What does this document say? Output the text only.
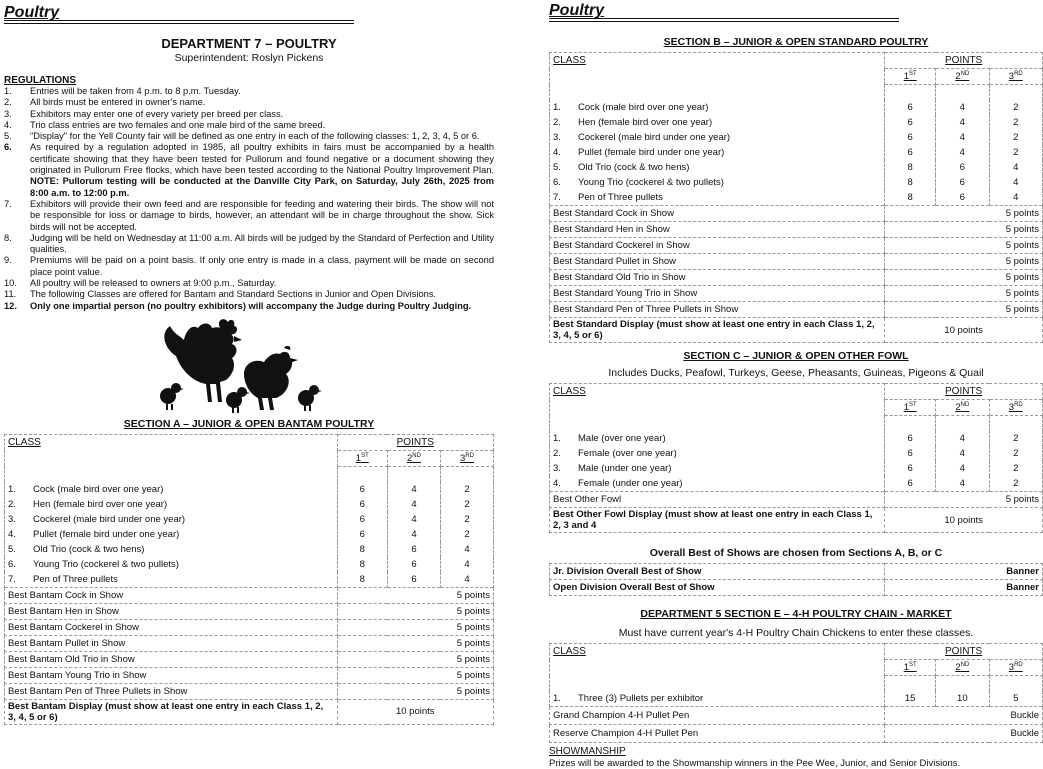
Poultry
DEPARTMENT 7 – POULTRY
Superintendent: Roslyn Pickens
REGULATIONS
1.	Entries will be taken from 4 p.m. to 8 p.m. Tuesday.
2.	All birds must be entered in owner's name.
3.	Exhibitors may enter one of every variety per breed per class.
4.	Trio class entries are two females and one male bird of the same breed.
5.	"Display" for the Yell County fair will be defined as one entry in each of the following classes: 1, 2, 3, 4, 5 or 6.
6.	As required by a regulation adopted in 1985, all poultry exhibits in fairs must be accompanied by a health certificate showing that they have been tested for Pullorum and found negative or a document showing they originated in Pullorum Free flocks, which have been tested according to the National Poultry Improvement Plan. NOTE: Pullorum testing will be conducted at the Danville City Park, on Saturday, July 26th, 2025 from 8:00 a.m. to 12:00 p.m.
7.	Exhibitors will provide their own feed and are responsible for feeding and watering their birds. The show will not be responsible for loss or damage to birds, however, an attendant will be in charge throughout the show. Sick birds will not be accepted.
8.	Judging will be held on Wednesday at 11:00 a.m. All birds will be judged by the Standard of Perfection and Utility qualities.
9.	Premiums will be paid on a point basis. If only one entry is made in a class, payment will be made on second place point value.
10.	All poultry will be released to owners at 9:00 p.m., Saturday.
11.	The following Classes are offered for Bantam and Standard Sections in Junior and Open Divisions.
12.	Only one impartial person (no poultry exhibitors) will accompany the Judge during Poultry Judging.
SECTION A – JUNIOR & OPEN BANTAM POULTRY
CLASS	POINTS		
	1ST	2ND	3RD

1. Cock (male bird over one year)	6	4	2
2. Hen (female bird over one year)	6	4	2
3. Cockerel (male bird under one year)	6	4	2
4. Pullet (female bird under one year)	6	4	2
5. Old Trio (cock & two hens)	8	6	4
6. Young Trio (cockerel & two pullets)	8	6	4
7. Pen of Three pullets	8	6	4
Best Bantam Cock in Show	5 points		
Best Bantam Hen in Show	5 points		
Best Bantam Cockerel in Show	5 points		
Best Bantam Pullet in Show	5 points		
Best Bantam Old Trio in Show	5 points		
Best Bantam Young Trio in Show	5 points		
Best Bantam Pen of Three Pullets in Show	5 points		
Best Bantam Display (must show at least one entry in each Class 1, 2, 3, 4, 5 or 6)	10 points		
Poultry
SECTION B – JUNIOR & OPEN STANDARD POULTRY
CLASS	POINTS		
	1ST	2ND	3RD

1. Cock (male bird over one year)	6	4	2
2. Hen (female bird over one year)	6	4	2
3. Cockerel (male bird under one year)	6	4	2
4. Pullet (female bird under one year)	6	4	2
5. Old Trio (cock & two hens)	8	6	4
6. Young Trio (cockerel & two pullets)	8	6	4
7. Pen of Three pullets	8	6	4
Best Standard Cock in Show	5 points		
Best Standard Hen in Show	5 points		
Best Standard Cockerel in Show	5 points		
Best Standard Pullet in Show	5 points		
Best Standard Old Trio in Show	5 points		
Best Standard Young Trio in Show	5 points		
Best Standard Pen of Three Pullets in Show	5 points		
Best Standard Display (must show at least one entry in each Class 1, 2, 3, 4, 5 or 6)	10 points		
SECTION C – JUNIOR & OPEN OTHER FOWL
Includes Ducks, Peafowl, Turkeys, Geese, Pheasants, Guineas, Pigeons & Quail
CLASS	POINTS		
	1ST	2ND	3RD

1. Male (over one year)	6	4	2
2. Female (over one year)	6	4	2
3. Male (under one year)	6	4	2
4. Female (under one year)	6	4	2
Best Other Fowl	5 points		
Best Other Fowl Display (must show at least one entry in each Class 1, 2, 3 and 4	10 points		
Overall Best of Shows are chosen from Sections A, B, or C
Jr. Division Overall Best of Show	Banner
Open Division Overall Best of Show	Banner
DEPARTMENT 5 SECTION E – 4-H POULTRY CHAIN - MARKET
Must have current year's 4-H Poultry Chain Chickens to enter these classes.
CLASS	POINTS		
	1ST	2ND	3RD

1. Three (3) Pullets per exhibitor	15	10	5
Grand Champion 4-H Pullet Pen	Buckle		
Reserve Champion 4-H Pullet Pen	Buckle		
SHOWMANSHIP
Prizes will be awarded to the Showmanship winners in the Pee Wee, Junior, and Senior Divisions.
